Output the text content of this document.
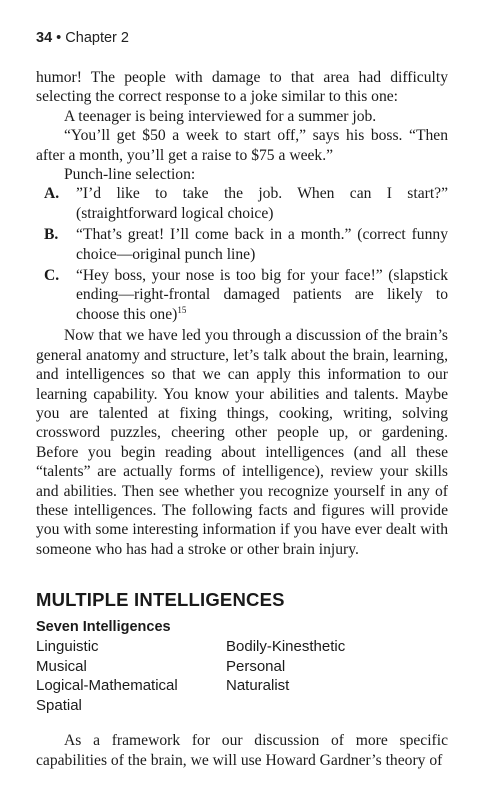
34 • Chapter 2

humor! The people with damage to that area had difficulty selecting the correct response to a joke similar to this one:

A teenager is being interviewed for a summer job.

“You’ll get $50 a week to start off,” says his boss. “Then after a month, you’ll get a raise to $75 a week.”

Punch-line selection:

A. ”I’d like to take the job. When can I start?” (straightforward logical choice)
B. “That’s great! I’ll come back in a month.” (correct funny choice—original punch line)
C. “Hey boss, your nose is too big for your face!” (slapstick ending—right-frontal damaged patients are likely to choose this one)$^{15}$

Now that we have led you through a discussion of the brain’s general anatomy and structure, let’s talk about the brain, learning, and intelligences so that we can apply this information to our learning capability. You know your abilities and talents. Maybe you are talented at fixing things, cooking, writing, solving crossword puzzles, cheering other people up, or gardening. Before you begin reading about intelligences (and all these “talents” are actually forms of intelligence), review your skills and abilities. Then see whether you recognize yourself in any of these intelligences. The following facts and figures will provide you with some interesting information if you have ever dealt with someone who has had a stroke or other brain injury.

MULTIPLE INTELLIGENCES
Seven Intelligences
Linguistic	Bodily-Kinesthetic
Musical	Personal
Logical-Mathematical	Naturalist
Spatial

As a framework for our discussion of more specific capabilities of the brain, we will use Howard Gardner’s theory of
